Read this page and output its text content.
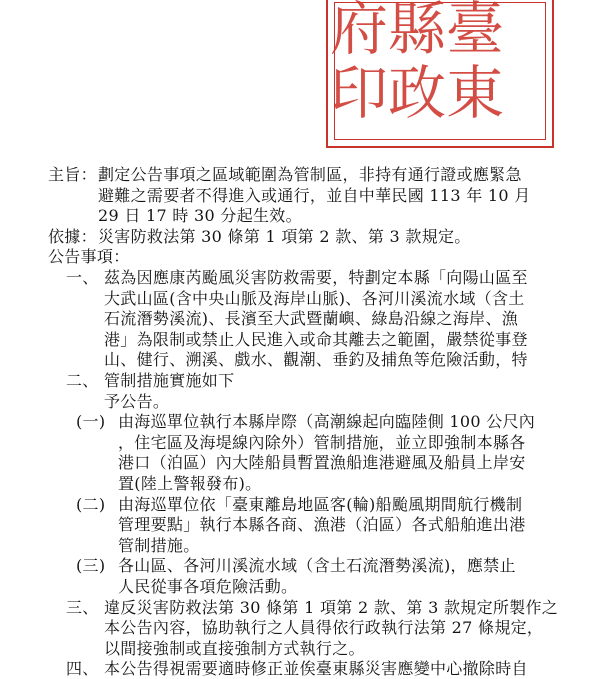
臺
東
縣
政
府
印
主旨： 劃定公告事項之區域範圍為管制區，非持有通行證或應緊急
避難之需要者不得進入或通行，並自中華民國 113 年 10 月
29 日 17 時 30 分起生效。
依據： 災害防救法第 30 條第 1 項第 2 款、第 3 款規定。
公告事項：
一、 茲為因應康芮颱風災害防救需要，特劃定本縣「向陽山區至
大武山區(含中央山脈及海岸山脈)、各河川溪流水域（含土
石流潛勢溪流)、長濱至大武暨蘭嶼、綠島沿線之海岸、漁
港」為限制或禁止人民進入或命其離去之範圍，嚴禁從事登
山、健行、溯溪、戲水、觀潮、垂釣及捕魚等危險活動，特
予公告。
二、 管制措施實施如下
(一) 由海巡單位執行本縣岸際（高潮線起向臨陸側 100 公尺內
，住宅區及海堤線內除外）管制措施，並立即強制本縣各
港口（泊區）內大陸船員暫置漁船進港避風及船員上岸安
置(陸上警報發布)。
(二) 由海巡單位依「臺東離島地區客(輪)船颱風期間航行機制
管理要點」執行本縣各商、漁港（泊區）各式船舶進出港
管制措施。
(三) 各山區、各河川溪流水域（含土石流潛勢溪流)，應禁止
人民從事各項危險活動。
三、 違反災害防救法第 30 條第 1 項第 2 款、第 3 款規定所製作之
本公告內容，協助執行之人員得依行政執行法第 27 條規定，
以間接強制或直接強制方式執行之。
四、 本公告得視需要適時修正並俟臺東縣災害應變中心撤除時自
